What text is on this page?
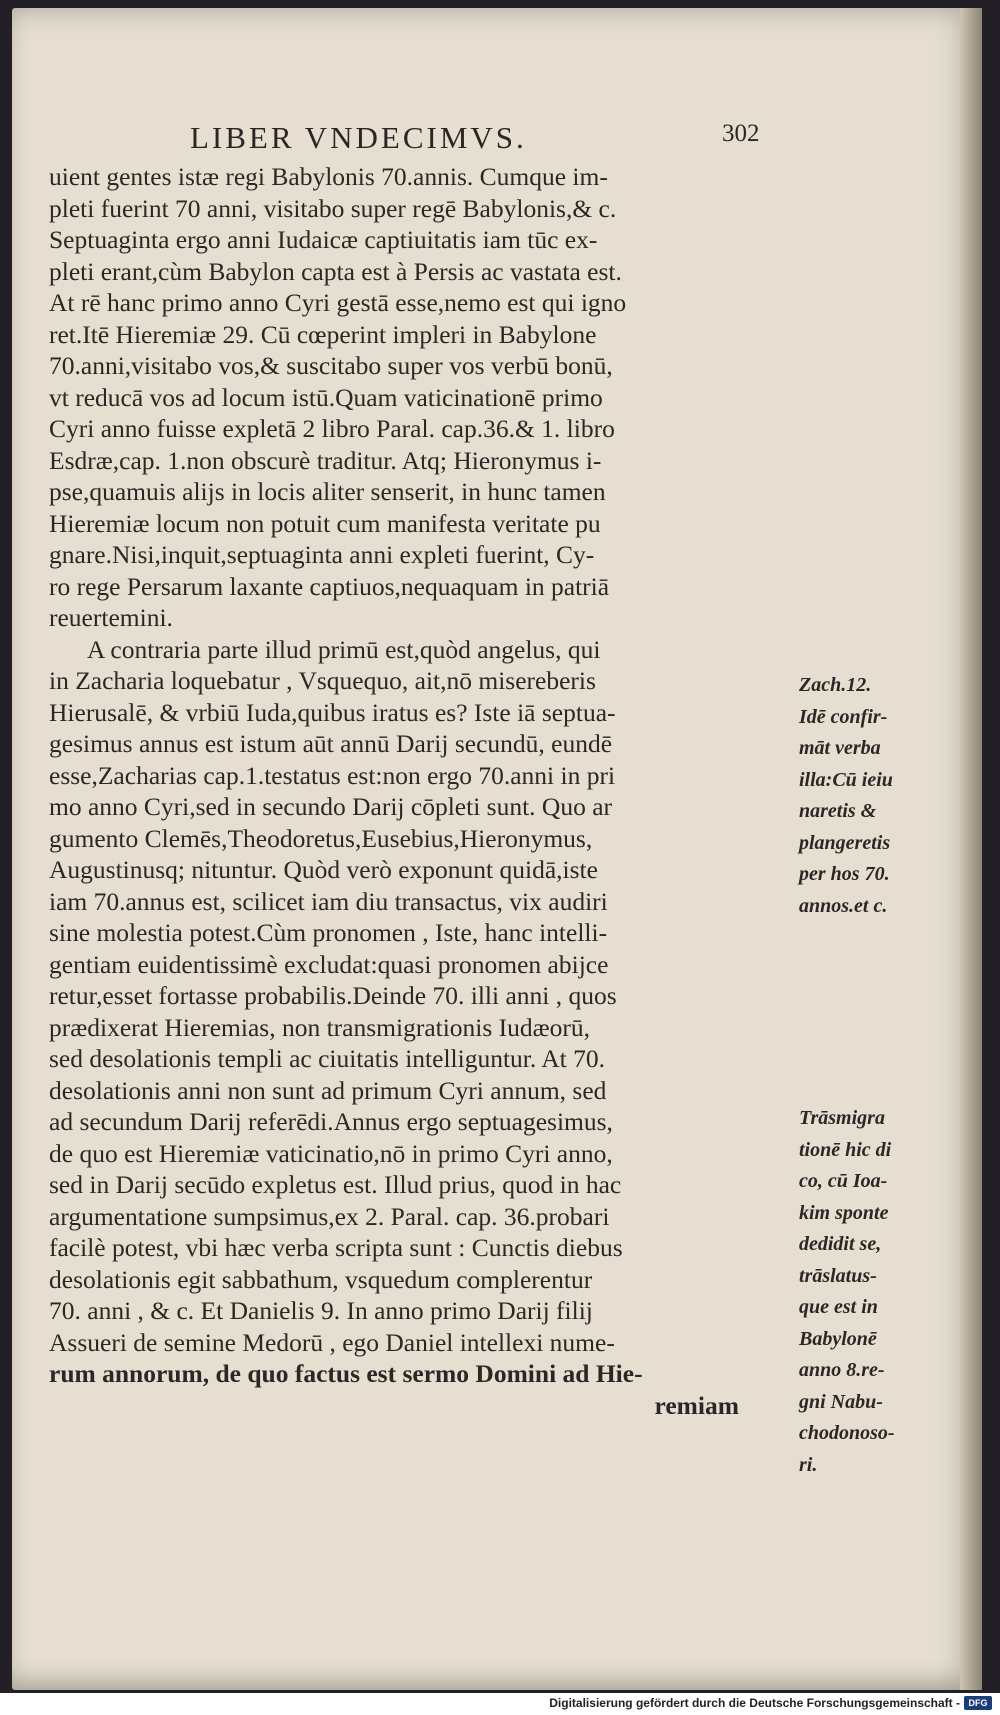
LIBER VNDECIMVS.	302
uient gentes istæ regi Babylonis 70.annis. Cumque im-
pleti fuerint 70 anni, visitabo super regē Babylonis,& c.
Septuaginta ergo anni Iudaicæ captiuitatis iam tūc ex-
pleti erant,cùm Babylon capta est à Persis ac vastata est.
At rē hanc primo anno Cyri gestā esse,nemo est qui igno
ret.Itē Hieremiæ 29. Cū cœperint impleri in Babylone
70.anni,visitabo vos,& suscitabo super vos verbū bonū,
vt reducā vos ad locum istū.Quam vaticinationē primo
Cyri anno fuisse expletā 2 libro Paral. cap.36.& 1. libro
Esdræ,cap. 1.non obscurè traditur. Atq; Hieronymus i-
pse,quamuis alijs in locis aliter senserit, in hunc tamen
Hieremiæ locum non potuit cum manifesta veritate pu
gnare.Nisi,inquit,septuaginta anni expleti fuerint, Cy-
ro rege Persarum laxante captiuos,nequaquam in patriā
reuertemini.
A contraria parte illud primū est,quòd angelus, qui
in Zacharia loquebatur , Vsquequo, ait,nō misereberis
Hierusalē, & vrbiū Iuda,quibus iratus es? Iste iā septua-
gesimus annus est istum aūt annū Darij secundū, eundē
esse,Zacharias cap.1.testatus est:non ergo 70.anni in pri
mo anno Cyri,sed in secundo Darij cōpleti sunt. Quo ar
gumento Clemēs,Theodoretus,Eusebius,Hieronymus,
Augustinusq; nituntur. Quòd verò exponunt quidā,iste
iam 70.annus est, scilicet iam diu transactus, vix audiri
sine molestia potest.Cùm pronomen , Iste, hanc intelli-
gentiam euidentissimè excludat:quasi pronomen abijce
retur,esset fortasse probabilis.Deinde 70. illi anni , quos
prædixerat Hieremias, non transmigrationis Iudæorū,
sed desolationis templi ac ciuitatis intelliguntur. At 70.
desolationis anni non sunt ad primum Cyri annum, sed
ad secundum Darij referēdi.Annus ergo septuagesimus,
de quo est Hieremiæ vaticinatio,nō in primo Cyri anno,
sed in Darij secūdo expletus est. Illud prius, quod in hac
argumentatione sumpsimus,ex 2. Paral. cap. 36.probari
facilè potest, vbi hæc verba scripta sunt : Cunctis diebus
desolationis egit sabbathum, vsquedum complerentur
70. anni , & c. Et Danielis 9. In anno primo Darij filij
Assueri de semine Medorū , ego Daniel intellexi nume-
rum annorum, de quo factus est sermo Domini ad Hie-
remiam
Zach.12.
Idē confir-
māt verba
illa:Cū ieiu
naretis &
plangeretis
per hos 70.
annos.et c.
Trāsmigra
tionē hic di
co, cū Ioa-
kim sponte
dedidit se,
trāslatus-
que est in
Babylonē
anno 8.re-
gni Nabu-
chodonoso-
ri.
Digitalisierung gefördert durch die Deutsche Forschungsgemeinschaft - DFG
